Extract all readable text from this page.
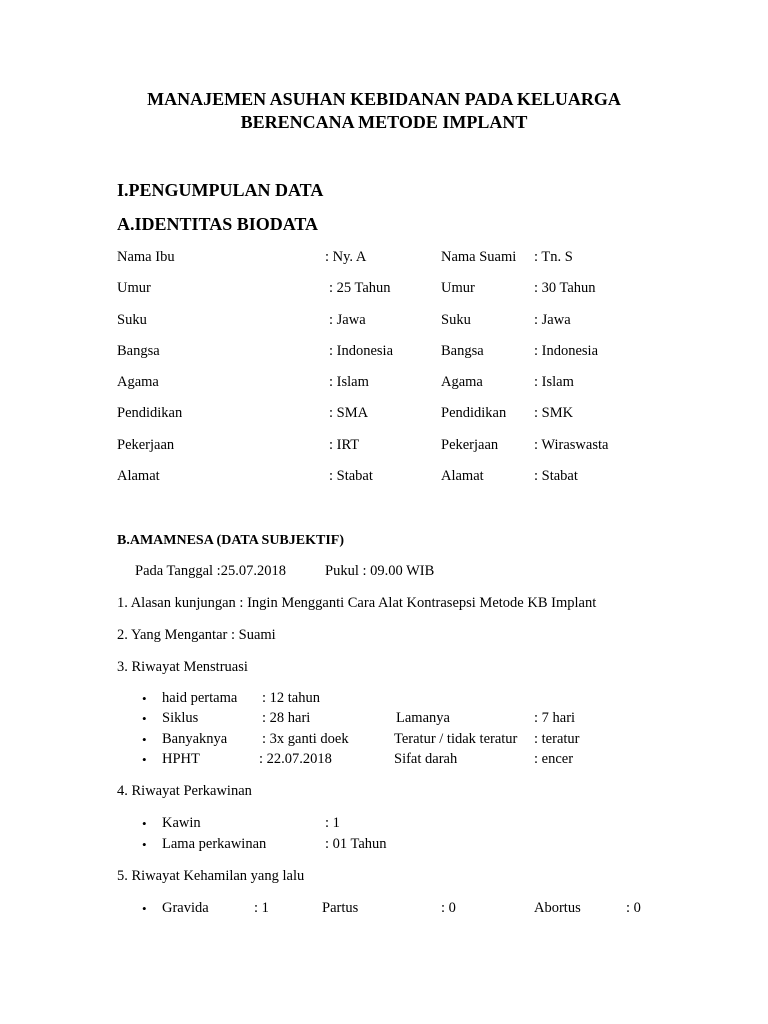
MANAJEMEN ASUHAN KEBIDANAN PADA KELUARGA
BERENCANA METODE IMPLANT
I.PENGUMPULAN DATA
A.IDENTITAS BIODATA
Nama Ibu	: Ny. A	Nama Suami : Tn. S
Umur	: 25 Tahun	Umur	: 30 Tahun
Suku	: Jawa	Suku	: Jawa
Bangsa	: Indonesia	Bangsa	: Indonesia
Agama	: Islam	Agama	: Islam
Pendidikan	: SMA	Pendidikan : SMK
Pekerjaan	: IRT	Pekerjaan : Wiraswasta
Alamat	: Stabat	Alamat	: Stabat
B.AMAMNESA (DATA SUBJEKTIF)
Pada Tanggal :25.07.2018	Pukul : 09.00 WIB
1. Alasan kunjungan : Ingin Mengganti Cara Alat Kontrasepsi Metode KB Implant
2. Yang Mengantar : Suami
3. Riwayat Menstruasi
• haid pertama : 12 tahun
• Siklus	: 28 hari	Lamanya	: 7 hari
• Banyaknya : 3x ganti doek	Teratur / tidak teratur : teratur
• HPHT	: 22.07.2018	Sifat darah	: encer
4. Riwayat Perkawinan
• Kawin	: 1
• Lama perkawinan	: 01 Tahun
5. Riwayat Kehamilan yang lalu
• Gravida	: 1	Partus	: 0	Abortus	: 0
